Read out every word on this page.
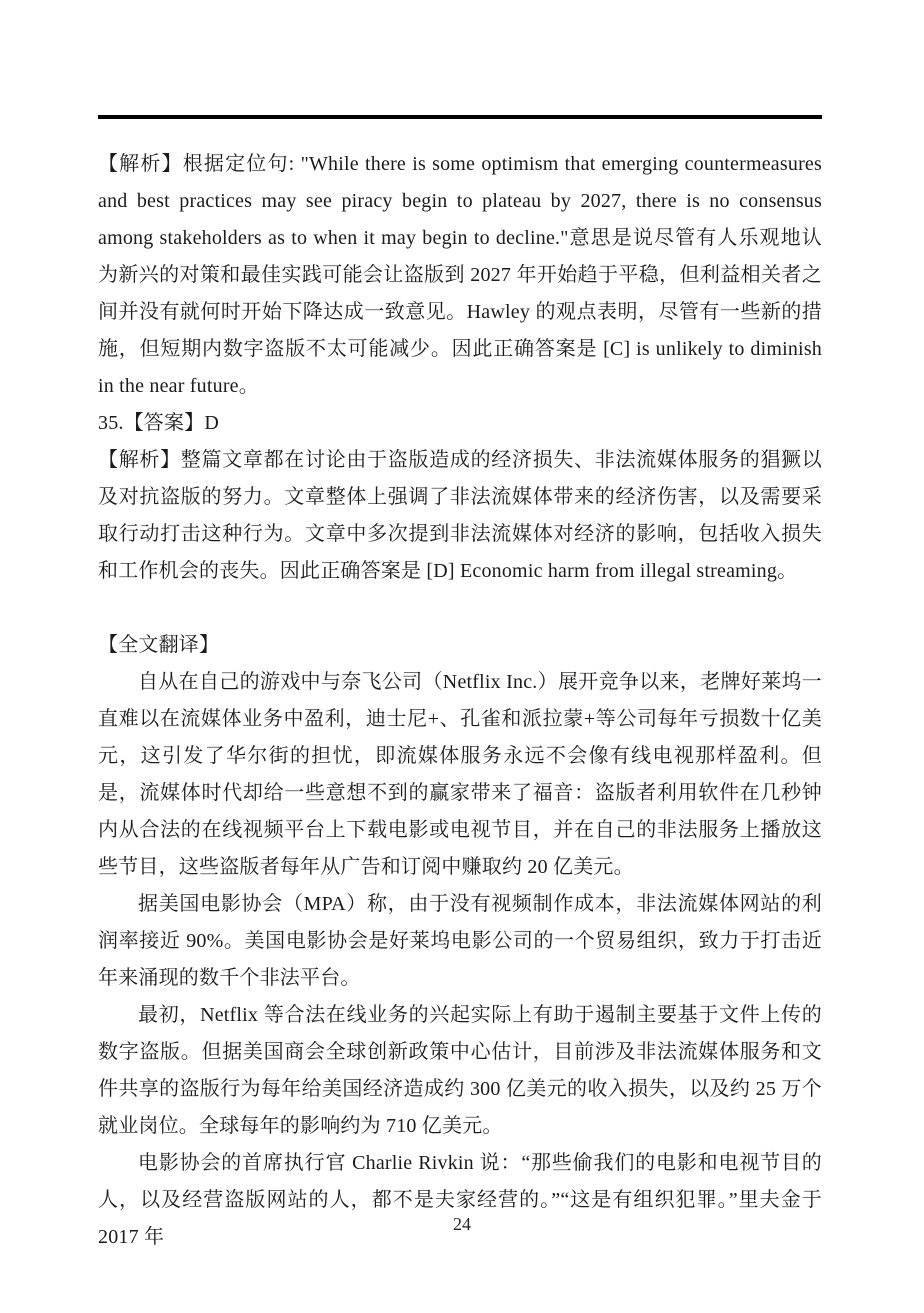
【解析】根据定位句: "While there is some optimism that emerging countermeasures and best practices may see piracy begin to plateau by 2027, there is no consensus among stakeholders as to when it may begin to decline."意思是说尽管有人乐观地认为新兴的对策和最佳实践可能会让盗版到 2027 年开始趋于平稳，但利益相关者之间并没有就何时开始下降达成一致意见。Hawley 的观点表明，尽管有一些新的措施，但短期内数字盗版不太可能减少。因此正确答案是 [C] is unlikely to diminish in the near future。

35.【答案】D

【解析】整篇文章都在讨论由于盗版造成的经济损失、非法流媒体服务的猖獗以及对抗盗版的努力。文章整体上强调了非法流媒体带来的经济伤害，以及需要采取行动打击这种行为。文章中多次提到非法流媒体对经济的影响，包括收入损失和工作机会的丧失。因此正确答案是 [D] Economic harm from illegal streaming。

【全文翻译】

自从在自己的游戏中与奈飞公司（Netflix Inc.）展开竞争以来，老牌好莱坞一直难以在流媒体业务中盈利，迪士尼+、孔雀和派拉蒙+等公司每年亏损数十亿美元，这引发了华尔街的担忧，即流媒体服务永远不会像有线电视那样盈利。但是，流媒体时代却给一些意想不到的赢家带来了福音：盗版者利用软件在几秒钟内从合法的在线视频平台上下载电影或电视节目，并在自己的非法服务上播放这些节目，这些盗版者每年从广告和订阅中赚取约 20 亿美元。

据美国电影协会（MPA）称，由于没有视频制作成本，非法流媒体网站的利润率接近 90%。美国电影协会是好莱坞电影公司的一个贸易组织，致力于打击近年来涌现的数千个非法平台。

最初，Netflix 等合法在线业务的兴起实际上有助于遏制主要基于文件上传的数字盗版。但据美国商会全球创新政策中心估计，目前涉及非法流媒体服务和文件共享的盗版行为每年给美国经济造成约 300 亿美元的收入损失，以及约 25 万个就业岗位。全球每年的影响约为 710 亿美元。

电影协会的首席执行官 Charlie Rivkin 说：“那些偷我们的电影和电视节目的人，以及经营盗版网站的人，都不是夫家经营的。”“这是有组织犯罪。”里夫金于 2017 年

24
